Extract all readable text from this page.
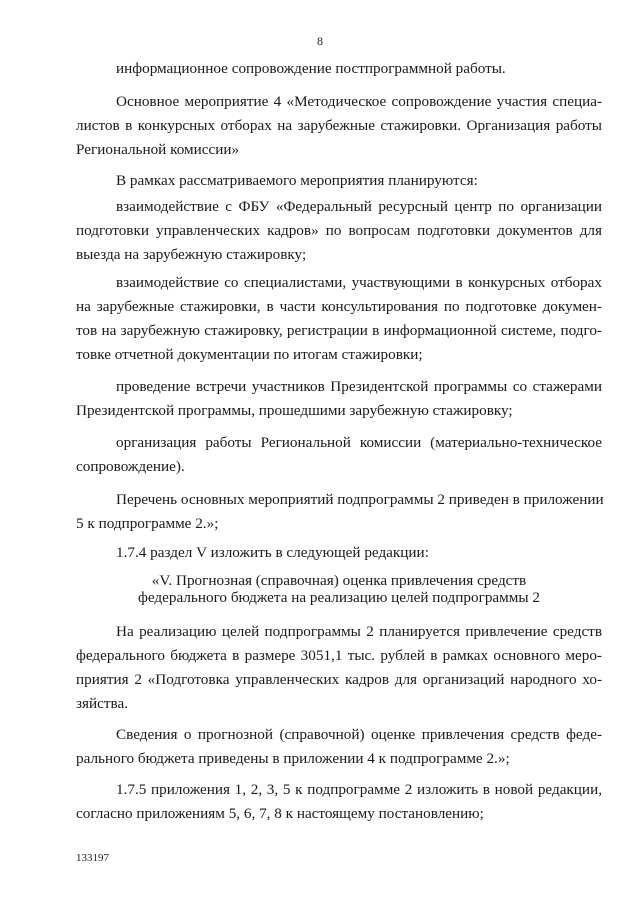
8
информационное сопровождение постпрограммной работы.
Основное мероприятие 4 «Методическое сопровождение участия специа-
листов в конкурсных отборах на зарубежные стажировки. Организация работы
Региональной комиссии»
В рамках рассматриваемого мероприятия планируются:
взаимодействие с ФБУ «Федеральный ресурсный центр по организации
подготовки управленческих кадров» по вопросам подготовки документов для
выезда на зарубежную стажировку;
взаимодействие со специалистами, участвующими в конкурсных отборах
на зарубежные стажировки, в части консультирования по подготовке докумен-
тов на зарубежную стажировку, регистрации в информационной системе, подго-
товке отчетной документации по итогам стажировки;
проведение встречи участников Президентской программы со стажерами
Президентской программы, прошедшими зарубежную стажировку;
организация работы Региональной комиссии (материально-техническое
сопровождение).
Перечень основных мероприятий подпрограммы 2 приведен в приложении
5 к подпрограмме 2.»;
1.7.4 раздел V изложить в следующей редакции:
«V. Прогнозная (справочная) оценка привлечения средств
федерального бюджета на реализацию целей подпрограммы 2
На реализацию целей подпрограммы 2 планируется привлечение средств
федерального бюджета в размере 3051,1 тыс. рублей в рамках основного меро-
приятия 2 «Подготовка управленческих кадров для организаций народного хо-
зяйства.
Сведения о прогнозной (справочной) оценке привлечения средств феде-
рального бюджета приведены в приложении 4 к подпрограмме 2.»;
1.7.5 приложения 1, 2, 3, 5 к подпрограмме 2 изложить в новой редакции,
согласно приложениям 5, 6, 7, 8 к настоящему постановлению;
133197
